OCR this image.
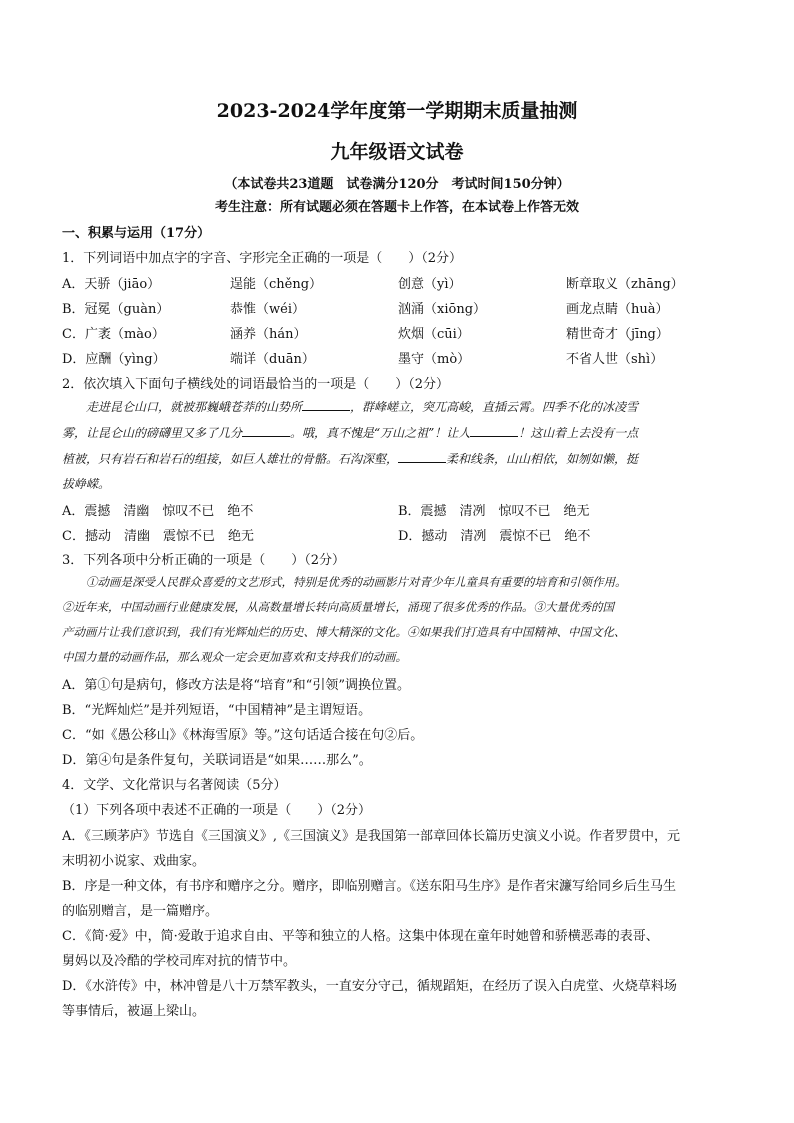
2023-2024学年度第一学期期末质量抽测
九年级语文试卷
（本试卷共23道题　试卷满分120分　考试时间150分钟）
考生注意：所有试题必须在答题卡上作答，在本试卷上作答无效
一、积累与运用（17分）
1．下列词语中加点字的字音、字形完全正确的一项是（　　）（2分）
A．天骄（jiāo）	逞能（chěng）	创意（yì）	断章取义（zhāng）
B．冠冕（guàn）	恭惟（wéi）	汹涌（xiōng）	画龙点睛（huà）
C．广袤（mào）	涵养（hán）	炊烟（cūi）	精世奇才（jīng）
D．应酬（yìng）	端详（duān）	墨守（mò）	不省人世（shì）
2．依次填入下面句子横线处的词语最恰当的一项是（　　）（2分）
走进昆仑山口，就被那巍峨苍莽的山势所	，群峰嵯立，突兀高峻，直插云霄。四季不化的冰凌雪
雾，让昆仑山的磅礴里又多了几分	。哦，真不愧是“万山之祖”！让人	！这山着上去没有一点
植被，只有岩石和岩石的组接，如巨人雄壮的骨骼。石沟深壑，	柔和线条，山山相依，如刎如懒，挺
拔峥嵘。
A．震撼　清幽　惊叹不已　绝不	B．震撼　清冽　惊叹不已　绝无
C．撼动　清幽　震惊不已　绝无	D．撼动　清冽　震惊不已　绝不
3．下列各项中分析正确的一项是（　　）（2分）
①动画是深受人民群众喜爱的文艺形式，特别是优秀的动画影片对青少年儿童具有重要的培育和引领作用。
②近年来，中国动画行业健康发展，从高数量增长转向高质量增长，涌现了很多优秀的作品。③大量优秀的国
产动画片让我们意识到，我们有光辉灿烂的历史、博大精深的文化。④如果我们打造具有中国精神、中国文化、
中国力量的动画作品，那么观众一定会更加喜欢和支持我们的动画。
A．第①句是病句，修改方法是将“培育”和“引领”调换位置。
B．“光辉灿烂”是并列短语，“中国精神”是主谓短语。
C．“如《愚公移山》《林海雪原》等。”这句话适合接在句②后。
D．第④句是条件复句，关联词语是“如果……那么”。
4．文学、文化常识与名著阅读（5分）
（1）下列各项中表述不正确的一项是（　　）（2分）
A．《三顾茅庐》节选自《三国演义》,《三国演义》是我国第一部章回体长篇历史演义小说。作者罗贯中，元
末明初小说家、戏曲家。
B．序是一种文体，有书序和赠序之分。赠序，即临别赠言。《送东阳马生序》是作者宋濂写给同乡后生马生
的临别赠言，是一篇赠序。
C．《简·爱》中，简·爱敢于追求自由、平等和独立的人格。这集中体现在童年时她曾和骄横恶毒的表哥、
舅妈以及冷酷的学校司库对抗的情节中。
D．《水浒传》中，林冲曾是八十万禁军教头，一直安分守己，循规蹈矩，在经历了误入白虎堂、火烧草料场
等事情后，被逼上梁山。
